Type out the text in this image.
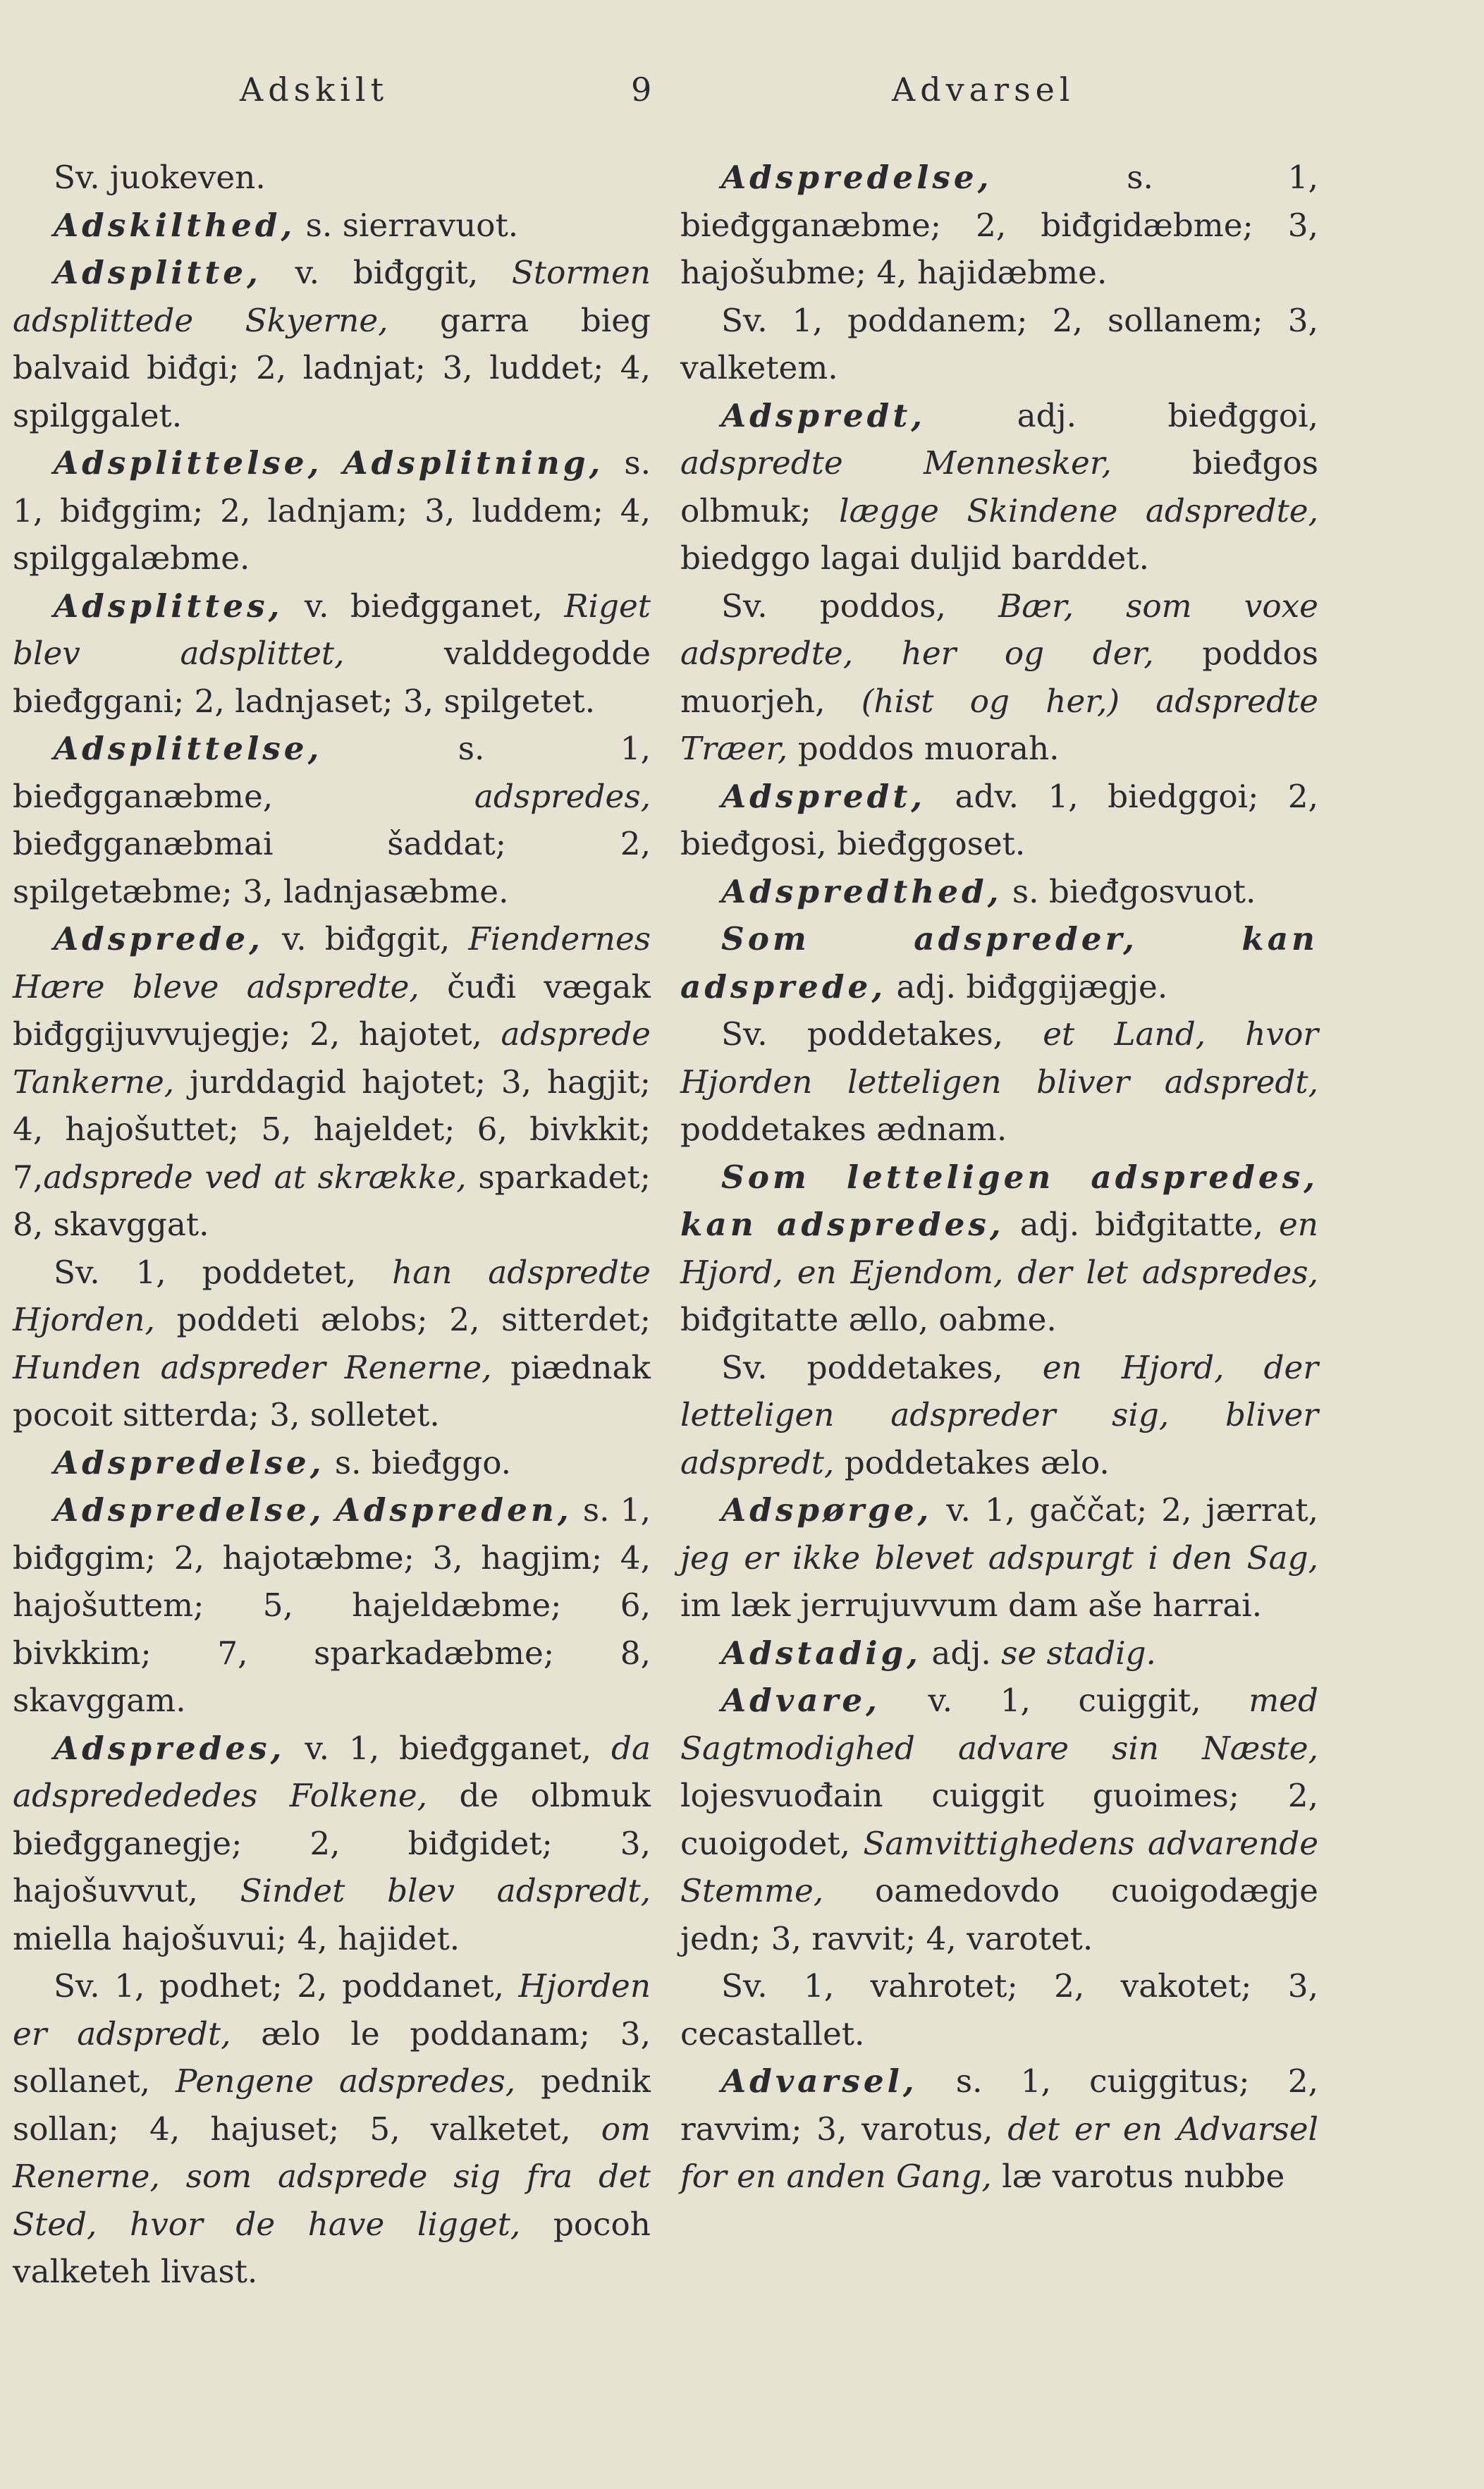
Adskilt	9	Advarsel
Sv. juokeven.
Adskilthed, s. sierravuot.
Adsplitte, v. biđggit, Stormen adsplittede Skyerne, garra bieg balvaid biđgi; 2, ladnjat; 3, luddet; 4, spilggalet.
Adsplittelse, Adsplitning, s. 1, biđggim; 2, ladnjam; 3, luddem; 4, spilggalæbme.
Adsplittes, v. bieđgganet, Riget blev adsplittet, valddegodde bieđggani; 2, ladnjaset; 3, spilgetet.
Adsplittelse, s. 1, bieđgganæbme, adspredes, bieđgganæbmai šaddat; 2, spilgetæbme; 3, ladnjasæbme.
Adsprede, v. biđggit, Fiendernes Hære bleve adspredte, čuđi vægak biđggijuvvujegje; 2, hajotet, adsprede Tankerne, jurddagid hajotet; 3, hagjit; 4, hajošuttet; 5, hajeldet; 6, bivkkit; 7,adsprede ved at skrække, sparkadet; 8, skavggat.
Sv. 1, poddetet, han adspredte Hjorden, poddeti ælobs; 2, sitterdet; Hunden adspreder Renerne, piædnak pocoit sitterda; 3, solletet.
Adspredelse, s. bieđggo.
Adspredelse, Adspreden, s. 1, biđggim; 2, hajotæbme; 3, hagjim; 4, hajošuttem; 5, hajeldæbme; 6, bivkkim; 7, sparkadæbme; 8, skavggam.
Adspredes, v. 1, bieđgganet, da adspredededes Folkene, de olbmuk bieđgganegje; 2, biđgidet; 3, hajošuvvut, Sindet blev adspredt, miella hajošuvui; 4, hajidet.
Sv. 1, podhet; 2, poddanet, Hjorden er adspredt, ælo le poddanam; 3, sollanet, Pengene adspredes, pednik sollan; 4, hajuset; 5, valketet, om Renerne, som adsprede sig fra det Sted, hvor de have ligget, pocoh valketeh livast.
Adspredelse, s. 1, bieđgganæbme; 2, biđgidæbme; 3, hajošubme; 4, hajidæbme.
Sv. 1, poddanem; 2, sollanem; 3, valketem.
Adspredt, adj. bieđggoi, adspredte Mennesker, bieđgos olbmuk; lægge Skindene adspredte, biedggo lagai duljid barddet.
Sv. poddos, Bær, som voxe adspredte, her og der, poddos muorjeh, (hist og her,) adspredte Træer, poddos muorah.
Adspredt, adv. 1, biedggoi; 2, bieđgosi, bieđggoset.
Adspredthed, s. bieđgosvuot.
Som adspreder, kan adsprede, adj. biđggijægje.
Sv. poddetakes, et Land, hvor Hjorden letteligen bliver adspredt, poddetakes ædnam.
Som letteligen adspredes, kan adspredes, adj. biđgitatte, en Hjord, en Ejendom, der let adspredes, biđgitatte ællo, oabme.
Sv. poddetakes, en Hjord, der letteligen adspreder sig, bliver adspredt, poddetakes ælo.
Adspørge, v. 1, gaččat; 2, jærrat, jeg er ikke blevet adspurgt i den Sag, im læk jerrujuvvum dam aše harrai.
Adstadig, adj. se stadig.
Advare, v. 1, cuiggit, med Sagtmodighed advare sin Næste, lojesvuođain cuiggit guoimes; 2, cuoigodet, Samvittighedens advarende Stemme, oamedovdo cuoigodægje jedn; 3, ravvit; 4, varotet.
Sv. 1, vahrotet; 2, vakotet; 3, cecastallet.
Advarsel, s. 1, cuiggitus; 2, ravvim; 3, varotus, det er en Advarsel for en anden Gang, læ varotus nubbe
